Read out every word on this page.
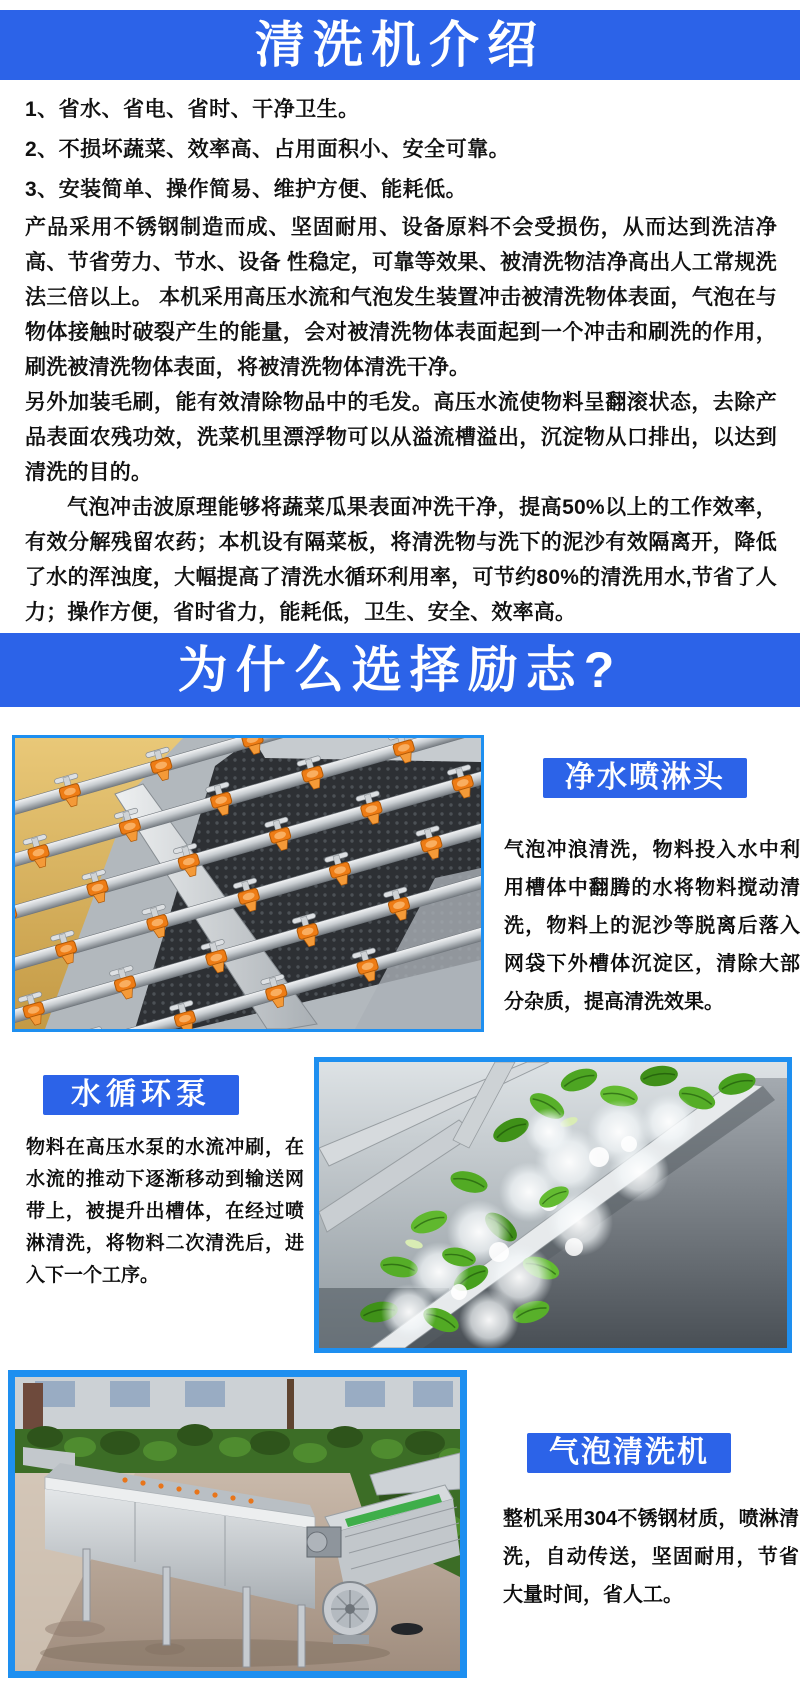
清洗机介绍

1、省水、省电、省时、干净卫生。

2、不损坏蔬菜、效率高、占用面积小、安全可靠。

3、安装简单、操作简易、维护方便、能耗低。

产品采用不锈钢制造而成、坚固耐用、设备原料不会受损伤，从而达到洗洁净高、节省劳力、节水、设备 性稳定，可靠等效果、被清洗物洁净高出人工常规洗法三倍以上。 本机采用高压水流和气泡发生装置冲击被清洗物体表面，气泡在与物体接触时破裂产生的能量，会对被清洗物体表面起到一个冲击和刷洗的作用，刷洗被清洗物体表面，将被清洗物体清洗干净。

另外加装毛刷，能有效清除物品中的毛发。高压水流使物料呈翻滚状态，去除产品表面农残功效，洗菜机里漂浮物可以从溢流槽溢出，沉淀物从口排出，以达到清洗的目的。

气泡冲击波原理能够将蔬菜瓜果表面冲洗干净，提高50%以上的工作效率，有效分解残留农药；本机设有隔菜板，将清洗物与洗下的泥沙有效隔离开，降低了水的浑浊度，大幅提高了清洗水循环利用率，可节约80%的清洗用水,节省了人力；操作方便，省时省力，能耗低，卫生、安全、效率高。

为什么选择励志?
净水喷淋头

气泡冲浪清洗，物料投入水中利用槽体中翻腾的水将物料搅动清洗，物料上的泥沙等脱离后落入网袋下外槽体沉淀区，清除大部分杂质，提高清洗效果。

水循环泵

物料在高压水泵的水流冲刷，在水流的推动下逐渐移动到输送网带上，被提升出槽体，在经过喷淋清洗，将物料二次清洗后，进入下一个工序。

气泡清洗机

整机采用304不锈钢材质，喷淋清洗，自动传送，坚固耐用，节省大量时间，省人工。
